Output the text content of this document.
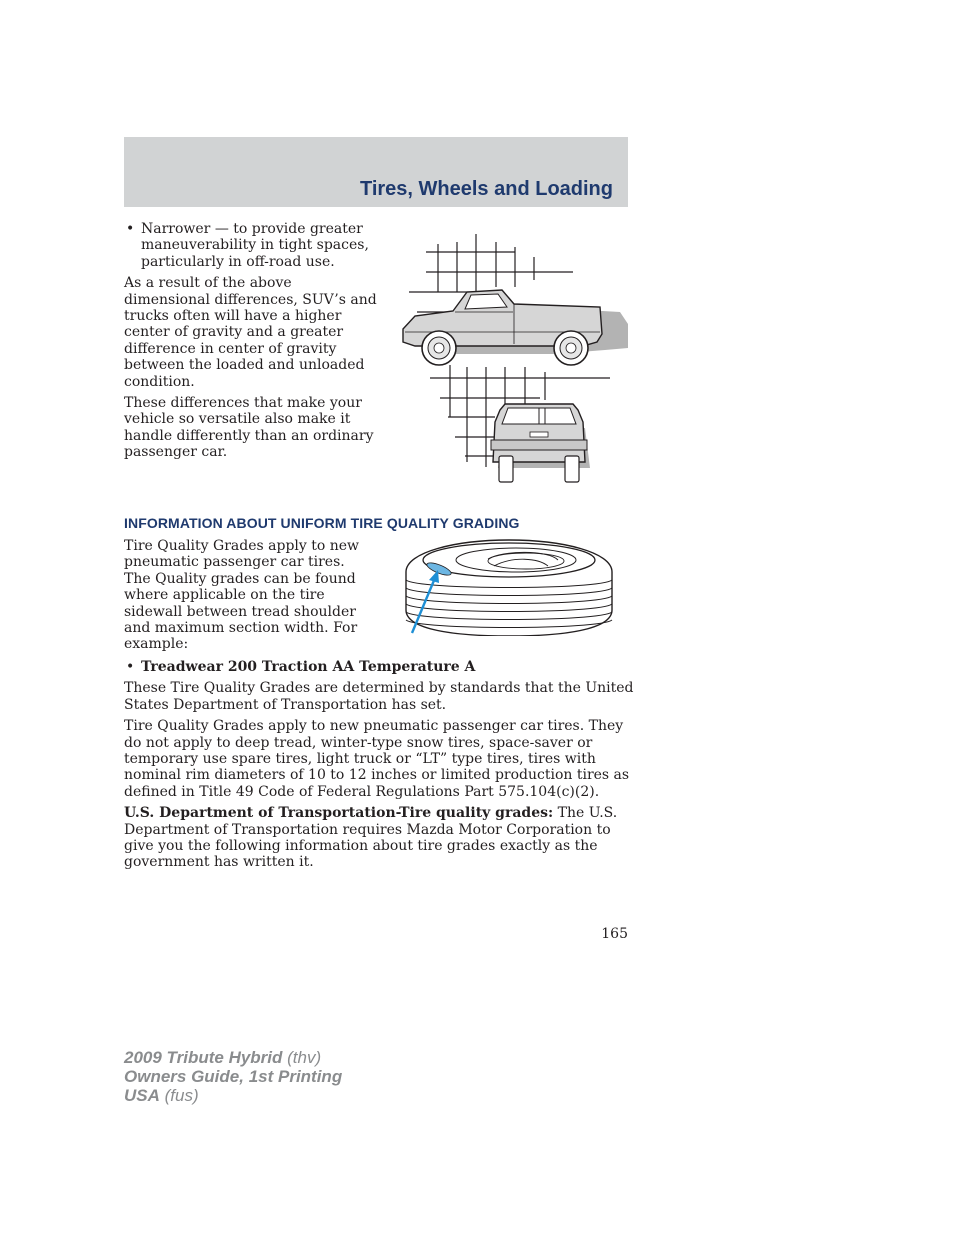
Tires, Wheels and Loading
• Narrower — to provide greater maneuverability in tight spaces, particularly in off-road use.
As a result of the above dimensional differences, SUV’s and trucks often will have a higher center of gravity and a greater difference in center of gravity between the loaded and unloaded condition.
These differences that make your vehicle so versatile also make it handle differently than an ordinary passenger car.
INFORMATION ABOUT UNIFORM TIRE QUALITY GRADING
Tire Quality Grades apply to new pneumatic passenger car tires. The Quality grades can be found where applicable on the tire sidewall between tread shoulder and maximum section width. For example:
• Treadwear 200 Traction AA Temperature A
These Tire Quality Grades are determined by standards that the United States Department of Transportation has set.
Tire Quality Grades apply to new pneumatic passenger car tires. They do not apply to deep tread, winter-type snow tires, space-saver or temporary use spare tires, light truck or “LT” type tires, tires with nominal rim diameters of 10 to 12 inches or limited production tires as defined in Title 49 Code of Federal Regulations Part 575.104(c)(2).
U.S. Department of Transportation-Tire quality grades: The U.S. Department of Transportation requires Mazda Motor Corporation to give you the following information about tire grades exactly as the government has written it.
165
2009 Tribute Hybrid (thv)
Owners Guide, 1st Printing
USA (fus)
